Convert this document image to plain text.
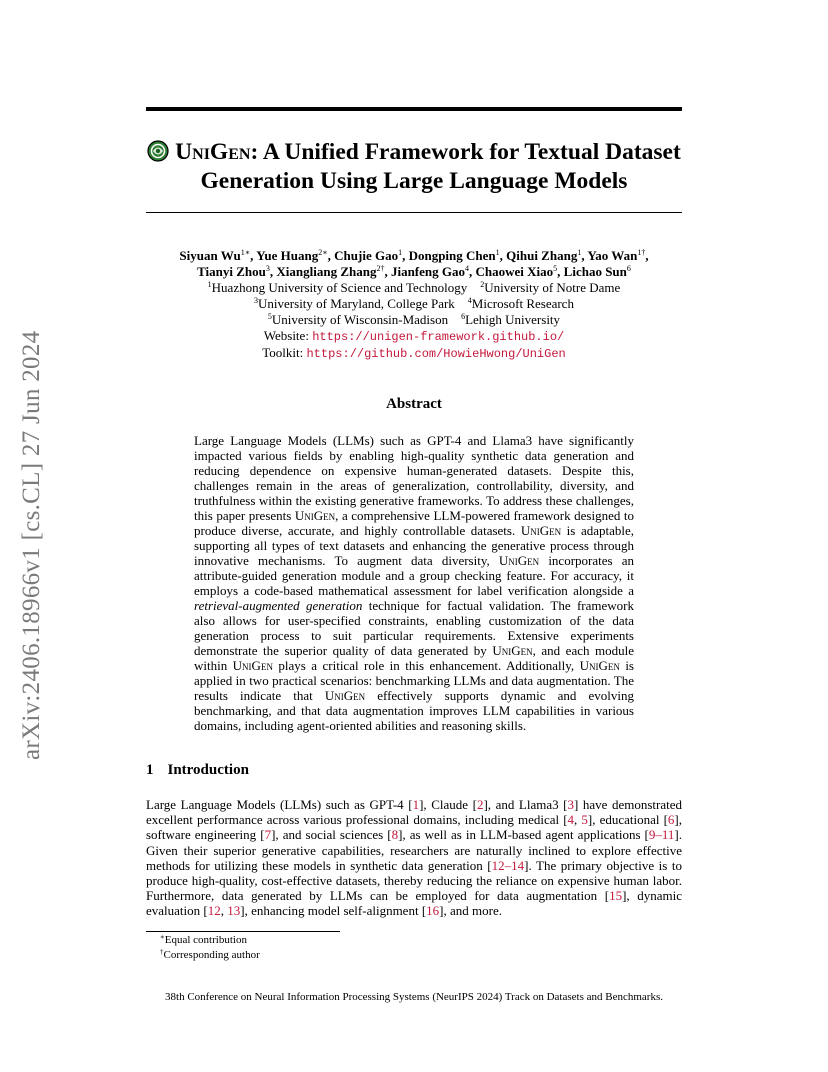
arXiv:2406.18966v1 [cs.CL] 27 Jun 2024
UniGen: A Unified Framework for Textual Dataset
Generation Using Large Language Models
Siyuan $Wu^{1∗}$, Yue Huang$^{2∗}$, Chujie Gao$^1$, Dongping Chen$^1$, Qihui Zhang$^1$, Yao Wan$^{1\dagger}$,
Tianyi Zhou$^3$, Xiangliang Zhang$^{2\dagger}$, Jianfeng Gao$^4$, Chaowei Xiao$^5$, Lichao Sun$^6$
$^1$Huazhong University of Science and Technology    $^2$University of Notre Dame
$^3$University of Maryland, College Park    $^4$Microsoft Research
$^5$University of Wisconsin-Madison    $^6$Lehigh University
Website: https://unigen-framework.github.io/
Toolkit: https://github.com/HowieHwong/UniGen
Abstract
Large Language Models (LLMs) such as GPT-4 and Llama3 have significantly impacted various fields by enabling high-quality synthetic data generation and reducing dependence on expensive human-generated datasets. Despite this, challenges remain in the areas of generalization, controllability, diversity, and truthfulness within the existing generative frameworks. To address these challenges, this paper presents UniGen, a comprehensive LLM-powered framework designed to produce diverse, accurate, and highly controllable datasets. UniGen is adaptable, supporting all types of text datasets and enhancing the generative process through innovative mechanisms. To augment data diversity, UniGen incorporates an attribute-guided generation module and a group checking feature. For accuracy, it employs a code-based mathematical assessment for label verification alongside a retrieval-augmented generation technique for factual validation. The framework also allows for user-specified constraints, enabling customization of the data generation process to suit particular requirements. Extensive experiments demonstrate the superior quality of data generated by UniGen, and each module within UniGen plays a critical role in this enhancement. Additionally, UniGen is applied in two practical scenarios: benchmarking LLMs and data augmentation. The results indicate that UniGen effectively supports dynamic and evolving benchmarking, and that data augmentation improves LLM capabilities in various domains, including agent-oriented abilities and reasoning skills.
1 Introduction
Large Language Models (LLMs) such as GPT-4 [1], Claude [2], and Llama3 [3] have demonstrated excellent performance across various professional domains, including medical [4, 5], educational [6], software engineering [7], and social sciences [8], as well as in LLM-based agent applications [9–11]. Given their superior generative capabilities, researchers are naturally inclined to explore effective methods for utilizing these models in synthetic data generation [12–14]. The primary objective is to produce high-quality, cost-effective datasets, thereby reducing the reliance on expensive human labor. Furthermore, data generated by LLMs can be employed for data augmentation [15], dynamic evaluation [12, 13], enhancing model self-alignment [16], and more.
∗Equal contribution
†Corresponding author
38th Conference on Neural Information Processing Systems (NeurIPS 2024) Track on Datasets and Benchmarks.
